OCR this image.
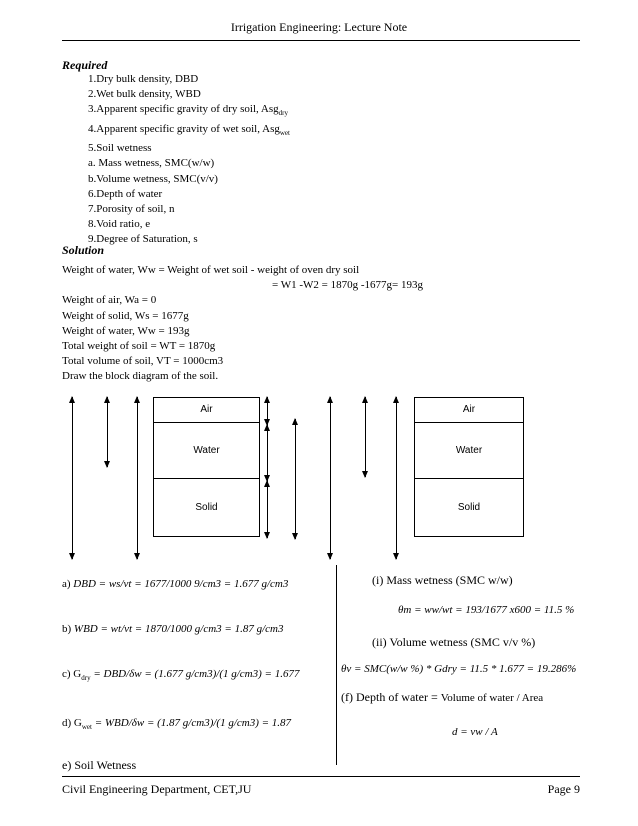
Irrigation Engineering: Lecture Note
Required
1.Dry bulk density, DBD
2.Wet bulk density, WBD
3.Apparent specific gravity of dry soil, Asg$_{dry}$
4.Apparent specific gravity of wet soil, Asg$_{wet}$
5.Soil wetness
a. Mass wetness, SMC(w/w)
b.Volume wetness, SMC(v/v)
6.Depth of water
7.Porosity of soil, n
8.Void ratio, e
9.Degree of Saturation, s
Solution
Weight of water, Ww = Weight of wet soil - weight of oven dry soil
= W1 -W2 = 1870g -1677g= 193g
Weight of air, Wa = 0
Weight of solid, Ws = 1677g
Weight of water, Ww = 193g
Total weight of soil = WT = 1870g
Total volume of soil, VT = 1000cm3
Draw the block diagram of the soil.
Air
Water
Solid
Air
Water
Solid
a) DBD = ws/vt = 1677/1000 9/cm3 = 1.677 g/cm3
b) WBD = wt/vt = 1870/1000 g/cm3 = 1.87 g/cm3
c) $G_{dry} = DBD/\delta w = (1.677$ g/cm3)/(1 g/cm3) = 1.677
d) $G_{wet} = WBD/\delta w = (1.87$ g/cm3)/(1 g/cm3) = 1.87
e) Soil Wetness
(i) Mass wetness (SMC w/w)
θm = ww/wt = 193/1677 x600 = 11.5 %
(ii) Volume wetness (SMC v/v %)
θv = SMC(w/w %) * Gdry = 11.5 * 1.677 = 19.286%
(f) Depth of water = Volume of water / Area
d = vw / A
Civil Engineering Department, CET,JU	Page 9
